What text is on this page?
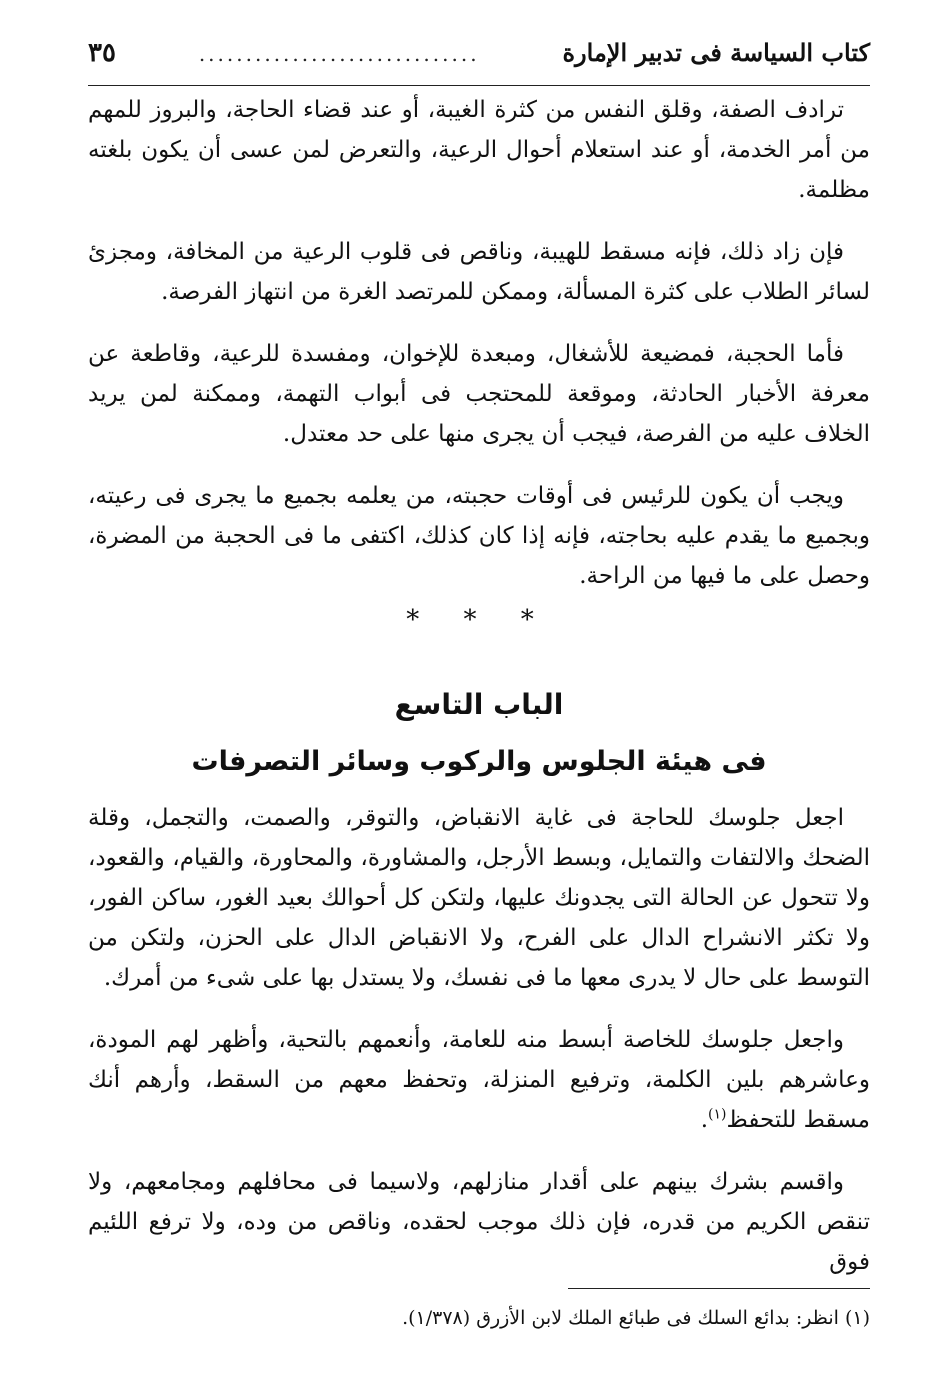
كتاب السياسة فى تدبير الإمارة
..............................
٣٥

ترادف الصفة، وقلق النفس من كثرة الغيبة، أو عند قضاء الحاجة، والبروز للمهم من أمر الخدمة، أو عند استعلام أحوال الرعية، والتعرض لمن عسى أن يكون بلغته مظلمة.

فإن زاد ذلك، فإنه مسقط للهيبة، وناقص فى قلوب الرعية من المخافة، ومجزئ لسائر الطلاب على كثرة المسألة، وممكن للمرتصد الغرة من انتهاز الفرصة.

فأما الحجبة، فمضيعة للأشغال، ومبعدة للإخوان، ومفسدة للرعية، وقاطعة عن معرفة الأخبار الحادثة، وموقعة للمحتجب فى أبواب التهمة، وممكنة لمن يريد الخلاف عليه من الفرصة، فيجب أن يجرى منها على حد معتدل.

ويجب أن يكون للرئيس فى أوقات حجبته، من يعلمه بجميع ما يجرى فى رعيته، وبجميع ما يقدم عليه بحاجته، فإنه إذا كان كذلك، اكتفى ما فى الحجبة من المضرة، وحصل على ما فيها من الراحة.

* * *
الباب التاسع
فى هيئة الجلوس والركوب وسائر التصرفات

اجعل جلوسك للحاجة فى غاية الانقباض، والتوقر، والصمت، والتجمل، وقلة الضحك والالتفات والتمايل، وبسط الأرجل، والمشاورة، والمحاورة، والقيام، والقعود، ولا تتحول عن الحالة التى يجدونك عليها، ولتكن كل أحوالك بعيد الغور، ساكن الفور، ولا تكثر الانشراح الدال على الفرح، ولا الانقباض الدال على الحزن، ولتكن من التوسط على حال لا يدرى معها ما فى نفسك، ولا يستدل بها على شىء من أمرك.

واجعل جلوسك للخاصة أبسط منه للعامة، وأنعمهم بالتحية، وأظهر لهم المودة، وعاشرهم بلين الكلمة، وترفيع المنزلة، وتحفظ معهم من السقط، وأرهم أنك مسقط للتحفظ$^{(١)}$.

واقسم بشرك بينهم على أقدار منازلهم، ولاسيما فى محافلهم ومجامعهم، ولا تنقص الكريم من قدره، فإن ذلك موجب لحقده، وناقص من وده، ولا ترفع اللئيم فوق

(١) انظر: بدائع السلك فى طبائع الملك لابن الأزرق (١/٣٧٨).
